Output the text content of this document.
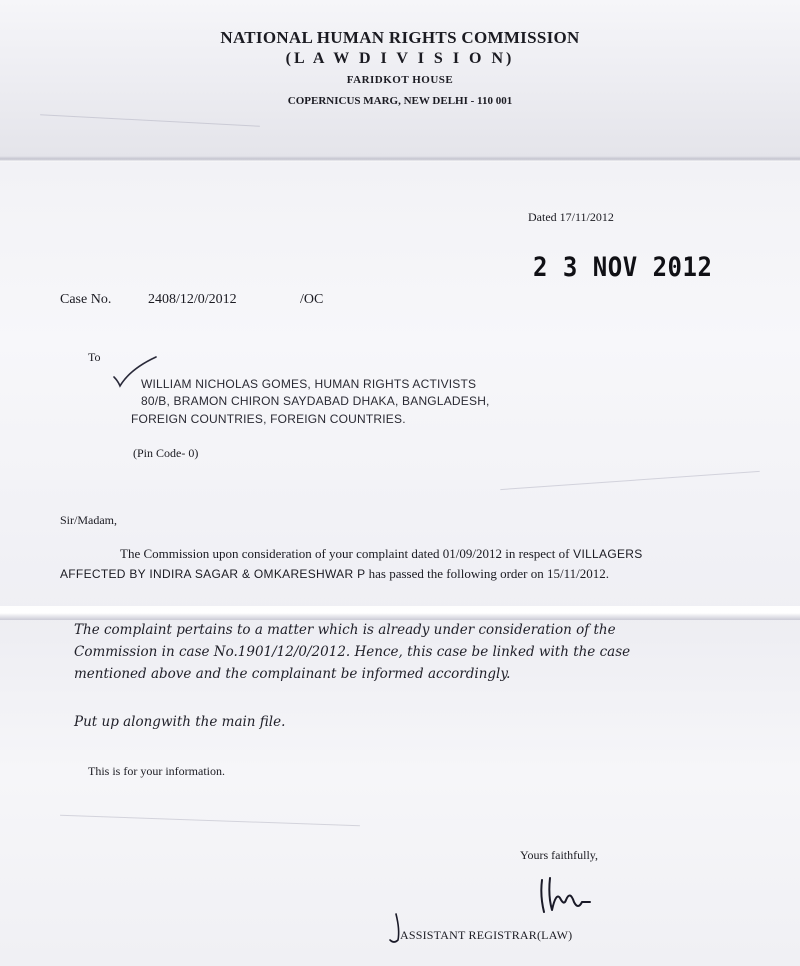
NATIONAL HUMAN RIGHTS COMMISSION
(L A W D I V I S I O N)
FARIDKOT HOUSE
COPERNICUS MARG, NEW DELHI - 110 001
Dated 17/11/2012
2 3 NOV 2012
Case No.	2408/12/0/2012	/OC
To
WILLIAM NICHOLAS GOMES, HUMAN RIGHTS ACTIVISTS
80/B, BRAMON CHIRON SAYDABAD DHAKA, BANGLADESH,
FOREIGN COUNTRIES, FOREIGN COUNTRIES.
(Pin Code- 0)
Sir/Madam,
The Commission upon consideration of your complaint dated 01/09/2012 in respect of VILLAGERS
AFFECTED BY INDIRA SAGAR & OMKARESHWAR P has passed the following order on 15/11/2012.
The complaint pertains to a matter which is already under consideration of the
Commission in case No.1901/12/0/2012. Hence, this case be linked with the case
mentioned above and the complainant be informed accordingly.
Put up alongwith the main file.
This is for your information.
Yours faithfully,
ASSISTANT REGISTRAR(LAW)
